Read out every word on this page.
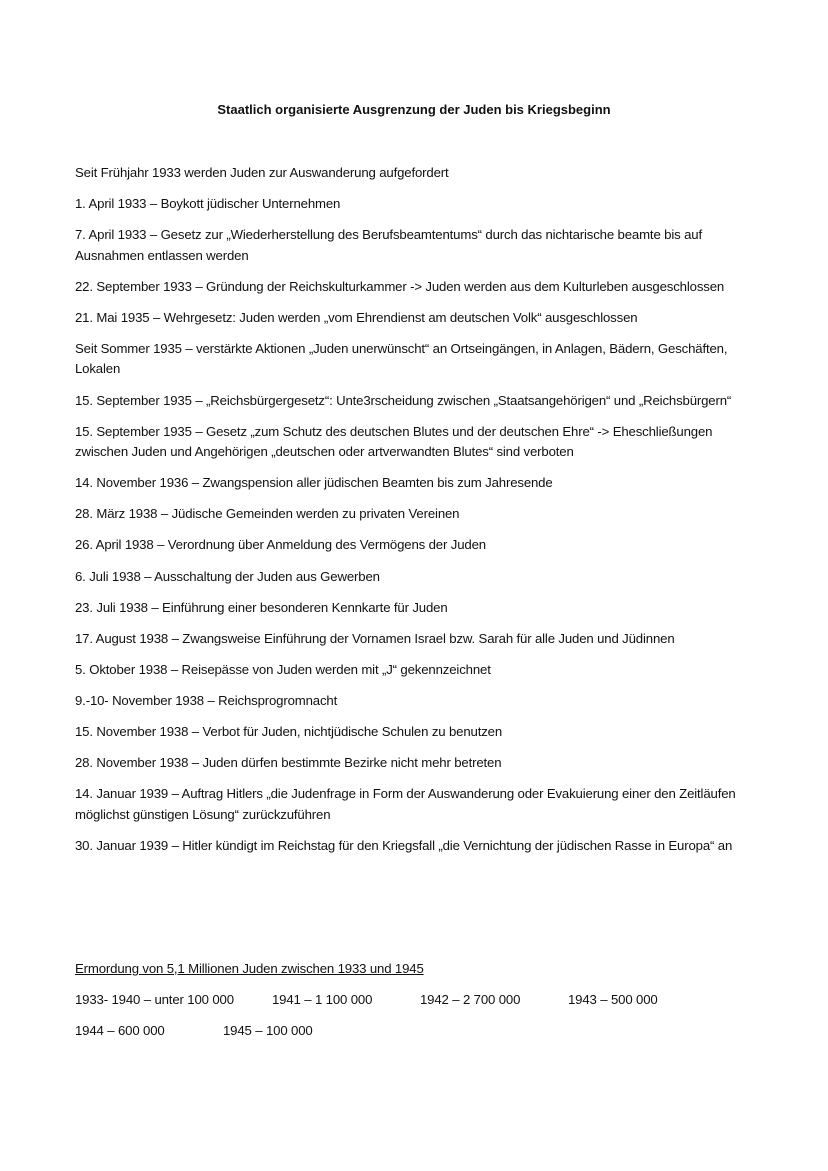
Staatlich organisierte Ausgrenzung der Juden bis Kriegsbeginn

Seit Frühjahr 1933 werden Juden zur Auswanderung aufgefordert

1. April 1933 – Boykott jüdischer Unternehmen

7. April 1933 – Gesetz zur „Wiederherstellung des Berufsbeamtentums“ durch das nichtarische beamte bis auf Ausnahmen entlassen werden

22. September 1933 – Gründung der Reichskulturkammer -> Juden werden aus dem Kulturleben ausgeschlossen

21. Mai 1935 – Wehrgesetz: Juden werden „vom Ehrendienst am deutschen Volk“ ausgeschlossen

Seit Sommer 1935 – verstärkte Aktionen „Juden unerwünscht“ an Ortseingängen, in Anlagen, Bädern, Geschäften, Lokalen

15. September 1935 – „Reichsbürgergesetz“: Unte3rscheidung zwischen „Staatsangehörigen“ und „Reichsbürgern“

15. September 1935 – Gesetz „zum Schutz des deutschen Blutes und der deutschen Ehre“ -> Eheschließungen zwischen Juden und Angehörigen „deutschen oder artverwandten Blutes“ sind verboten

14. November 1936 – Zwangspension aller jüdischen Beamten bis zum Jahresende

28. März 1938 – Jüdische Gemeinden werden zu privaten Vereinen

26. April 1938 – Verordnung über Anmeldung des Vermögens der Juden

6. Juli 1938 – Ausschaltung der Juden aus Gewerben

23. Juli 1938 – Einführung einer besonderen Kennkarte für Juden

17. August 1938 – Zwangsweise Einführung der Vornamen Israel bzw. Sarah für alle Juden und Jüdinnen

5. Oktober 1938 – Reisepässe von Juden werden mit „J“ gekennzeichnet

9.-10- November 1938 – Reichsprogromnacht

15. November 1938 – Verbot für Juden, nichtjüdische Schulen zu benutzen

28. November 1938 – Juden dürfen bestimmte Bezirke nicht mehr betreten

14. Januar 1939 – Auftrag Hitlers „die Judenfrage in Form der Auswanderung oder Evakuierung einer den Zeitläufen möglichst günstigen Lösung“ zurückzuführen

30. Januar 1939 – Hitler kündigt im Reichstag für den Kriegsfall „die Vernichtung der jüdischen Rasse in Europa“ an

Ermordung von 5,1 Millionen Juden zwischen 1933 und 1945
1933- 1940 – unter 100 000	1941 – 1 100 000	1942 – 2 700 000	1943 – 500 000
1944 – 600 000	1945 – 100 000
